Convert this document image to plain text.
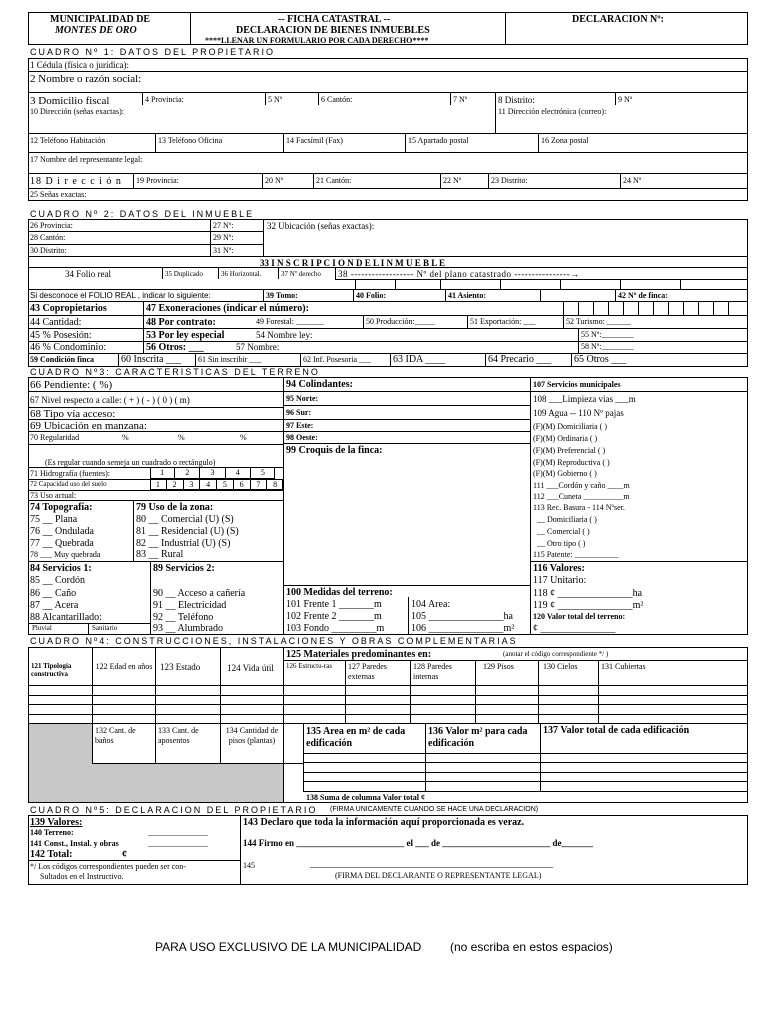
MUNICIPALIDAD DE
MONTES DE ORO
-- FICHA CATASTRAL --
DECLARACION DE BIENES INMUEBLES
****LLENAR UN FORMULARIO POR CADA DERECHO****
DECLARACION Nº:
CUADRO Nº 1: DATOS DEL PROPIETARIO
1 Cédula (física o jurídica):
2 Nombre o razón social:
3 Domicilio fiscal	4 Provincia:	5 Nº	6 Cantón:	7 Nº	8 Distrito:	9 Nº
10 Dirección (señas exactas):	11 Dirección electrónica (correo):
12 Teléfono Habitación	13 Teléfono Oficina	14 Facsímil (Fax)	15 Apartado postal	16 Zona postal
17 Nombre del representante legal:
18 D i r e c c i ó n 19 Provincia:	20 Nº	21 Cantón:	22 Nº	23 Distrito:	24 Nº
25 Señas exactas:
CUADRO Nº 2: DATOS DEL INMUEBLE
26 Provincia:	27 Nº:
28 Cantón:	29 Nº:
30 Distrito:	31 Nº:
32 Ubicación (señas exactas):
33 I N S C R I P C I O N D E L I N M U E B L E
34 Folio real	35 Duplicado	36 Horizontal.	37 Nº derecho 38 ------------------ Nº del plano catastrado ----------------→
Si desconoce el FOLIO REAL , indicar lo siguiente:	39 Tomo:	40 Folio:	41 Asiento:	42 Nº de finca:
43 Copropietarios	47 Exoneraciones (indicar el número):
44 Cantidad:	48 Por contrato:	49 Forestal: _______	50 Producción:_____	51 Exportación: ___	52 Turismo: ______
45 % Posesión:	53 Por ley especial	54 Nombre ley:	55 Nº:________
46 % Condominio:	56 Otros: ___	57 Nombre:	58 Nº:________
59 Condición finca	60 Inscrita ___ 61 Sin inscribir ___	62 Inf. Posesoria ___ 63 IDA ____	64 Precario ___ 65 Otros ___
CUADRO Nº3: CARACTERISTICAS DEL TERRENO
1	2	3	4	5
1	2	3	4	5	6	7	8
66 Pendiente: ( %)
67 Nivel respecto a calle: ( + ) ( - ) ( 0 ) ( m)
68 Tipo vía acceso:
69 Ubicación en manzana:
70 Regularidad	%	%	%
(Es regular cuando semeja un cuadrado o rectángulo)
71 Hidrografía (fuentes):
72 Capacidad uso del suelo
73 Uso actual:
74 Topografía:
75 __ Plana
76 __ Ondulada
77 __ Quebrada
78 ___ Muy quebrada
79 Uso de la zona:
80 __ Comercial (U) (S)
81 __ Residencial (U) (S)
82 __ Industrial (U) (S)
83 __ Rural
84 Servicios 1:
85 __ Cordón
86 __ Caño
87 __ Acera
88 Alcantarillado:
Pluvial	Sanitario
89 Servicios 2:
90 __ Acceso a cañería
91 __ Electricidad
92 __ Teléfono
93 __ Alumbrado
94 Colindantes:
95 Norte:
96 Sur:
97 Este:
98 Oeste:
99 Croquis de la finca:
100 Medidas del terreno:
101 Frente 1 _______m
102 Frente 2 _______m
103 Fondo _________m
104 Area:
105 _______________ha
106 _______________m²
107 Servicios municipales
108 ___Limpieza vías ___m
109 Agua -- 110 Nº pajas
(F)(M) Domiciliaria ( )
(F)(M) Ordinaria ( )
(F)(M) Preferencial ( )
(F)(M) Reproductiva ( )
(F)(M) Gobierno ( )
111 ___Cordón y caño ____m
112 ___Cuneta __________m
113 Rec. Basura - 114 Nºser.
__ Domiciliaria ( )
__ Comercial ( )
__ Otro tipo ( )
115 Patente: ___________
116 Valores:
117 Unitario:
118 ¢ _______________ha
119 ¢ _______________m²
120 Valor total del terreno:
¢ _______________
CUADRO Nº4: CONSTRUCCIONES, INSTALACIONES Y OBRAS COMPLEMENTARIAS
121 Tipología constructiva
122 Edad en años 123 Estado	124 Vida útil
125 Materiales predominantes en:	(anotar el código correspondiente */ )
126 Estructu-ras	127 Paredes externas
128 Paredes internas
129 Pisos	130 Cielos	131 Cubiertas
132 Cant. de baños
133 Cant. de aposentos
134 Cantidad de pisos (plantas)
135 Area en m² de cada edificación
136 Valor m² para cada edificación
137 Valor total de cada edificación
138 Suma de columna Valor total ¢
CUADRO Nº5: DECLARACION DEL PROPIETARIO (FIRMA UNICAMENTE CUANDO SE HACE UNA DECLARACION)
139 Valores:
140 Terreno:	_______________
141 Const., Instal. y obras	_______________
142 Total:	¢
*/ Los códigos correspondientes pueden ser con-
Sultados en el Instructivo.
143 Declaro que toda la información aquí proporcionada es veraz.
144 Firmo en ________________________ el ___ de ________________________ de_______
145	______________________________________________________
(FIRMA DEL DECLARANTE O REPRESENTANTE LEGAL)
PARA USO EXCLUSIVO DE LA MUNICIPALIDAD (no escriba en estos espacios)
